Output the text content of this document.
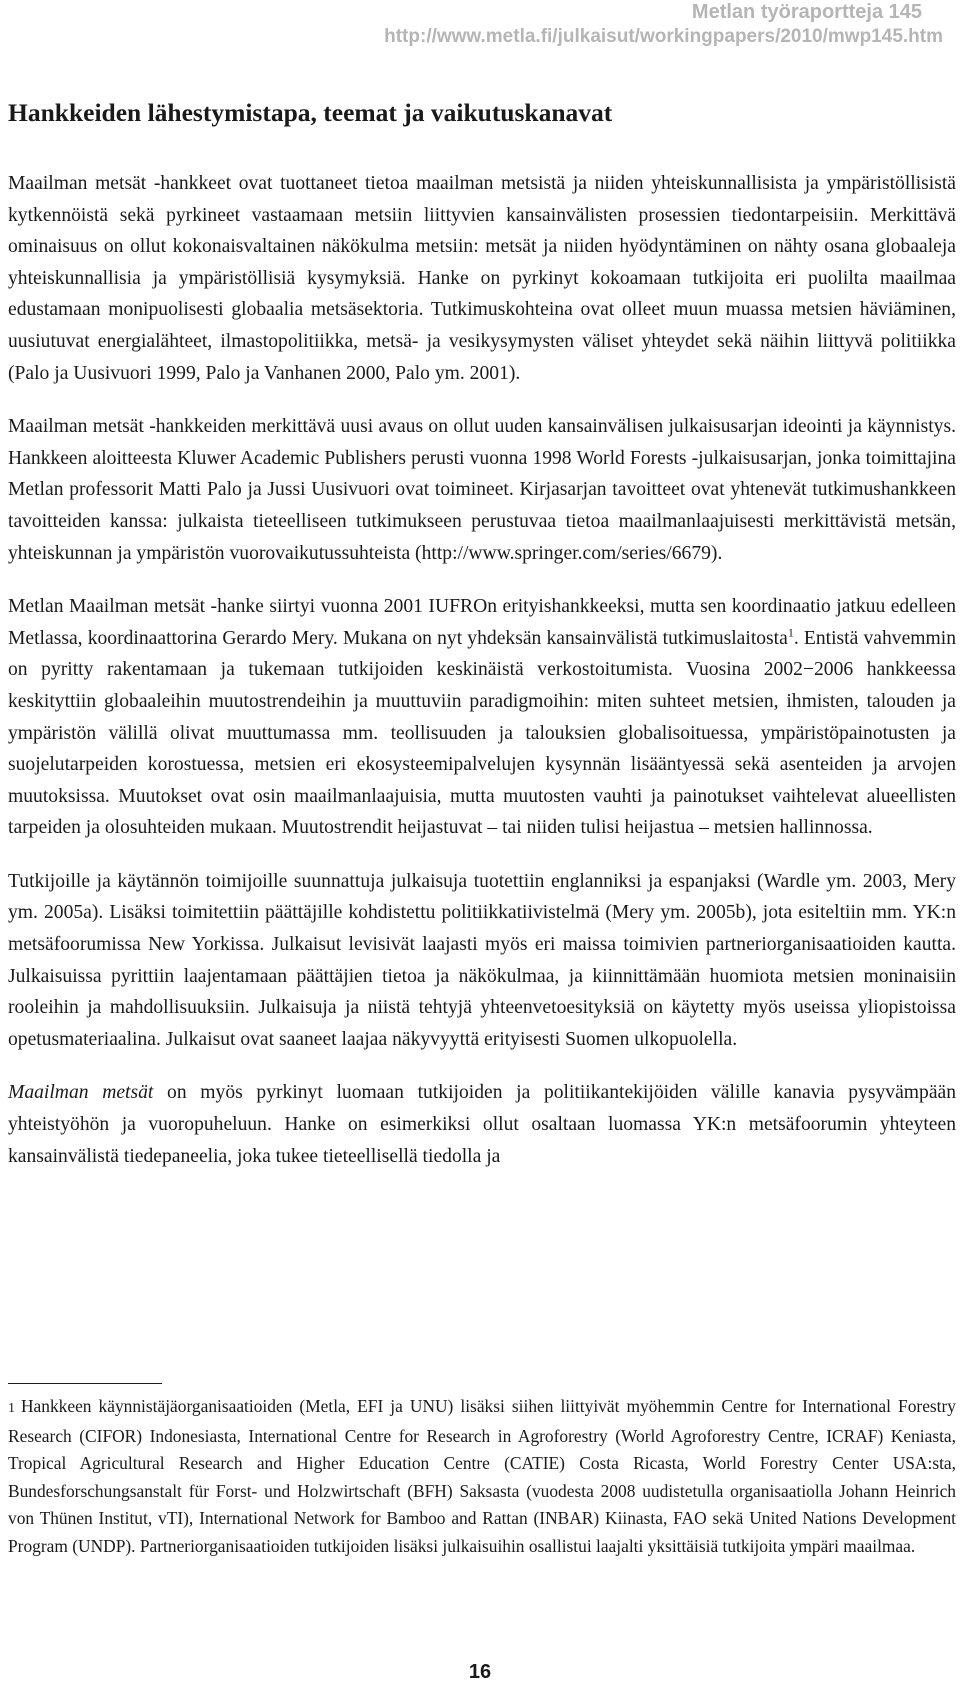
Metlan työraportteja 145
http://www.metla.fi/julkaisut/workingpapers/2010/mwp145.htm
Hankkeiden lähestymistapa, teemat ja vaikutuskanavat

Maailman metsät -hankkeet ovat tuottaneet tietoa maailman metsistä ja niiden yhteiskunnallisista ja ympäristöllisistä kytkennöistä sekä pyrkineet vastaamaan metsiin liittyvien kansainvälisten prosessien tiedontarpeisiin. Merkittävä ominaisuus on ollut kokonaisvaltainen näkökulma metsiin: metsät ja niiden hyödyntäminen on nähty osana globaaleja yhteiskunnallisia ja ympäristöllisiä kysymyksiä. Hanke on pyrkinyt kokoamaan tutkijoita eri puolilta maailmaa edustamaan monipuolisesti globaalia metsäsektoria. Tutkimuskohteina ovat olleet muun muassa metsien häviäminen, uusiutuvat energialähteet, ilmastopolitiikka, metsä- ja vesikysymysten väliset yhteydet sekä näihin liittyvä politiikka (Palo ja Uusivuori 1999, Palo ja Vanhanen 2000, Palo ym. 2001).

Maailman metsät -hankkeiden merkittävä uusi avaus on ollut uuden kansainvälisen julkaisusarjan ideointi ja käynnistys. Hankkeen aloitteesta Kluwer Academic Publishers perusti vuonna 1998 World Forests -julkaisusarjan, jonka toimittajina Metlan professorit Matti Palo ja Jussi Uusivuori ovat toimineet. Kirjasarjan tavoitteet ovat yhtenevät tutkimushankkeen tavoitteiden kanssa: julkaista tieteelliseen tutkimukseen perustuvaa tietoa maailmanlaajuisesti merkittävistä metsän, yhteiskunnan ja ympäristön vuorovaikutussuhteista (http://www.springer.com/series/6679).

Metlan Maailman metsät -hanke siirtyi vuonna 2001 IUFROn erityishankkeeksi, mutta sen koordinaatio jatkuu edelleen Metlassa, koordinaattorina Gerardo Mery. Mukana on nyt yhdeksän kansainvälistä tutkimuslaitosta$^1$. Entistä vahvemmin on pyritty rakentamaan ja tukemaan tutkijoiden keskinäistä verkostoitumista. Vuosina 2002−2006 hankkeessa keskityttiin globaaleihin muutostrendeihin ja muuttuviin paradigmoihin: miten suhteet metsien, ihmisten, talouden ja ympäristön välillä olivat muuttumassa mm. teollisuuden ja talouksien globalisoituessa, ympäristöpainotusten ja suojelutarpeiden korostuessa, metsien eri ekosysteemipalvelujen kysynnän lisääntyessä sekä asenteiden ja arvojen muutoksissa. Muutokset ovat osin maailmanlaajuisia, mutta muutosten vauhti ja painotukset vaihtelevat alueellisten tarpeiden ja olosuhteiden mukaan. Muutostrendit heijastuvat – tai niiden tulisi heijastua – metsien hallinnossa.

Tutkijoille ja käytännön toimijoille suunnattuja julkaisuja tuotettiin englanniksi ja espanjaksi (Wardle ym. 2003, Mery ym. 2005a). Lisäksi toimitettiin päättäjille kohdistettu politiikkatiivistelmä (Mery ym. 2005b), jota esiteltiin mm. YK:n metsäfoorumissa New Yorkissa. Julkaisut levisivät laajasti myös eri maissa toimivien partneriorganisaatioiden kautta. Julkaisuissa pyrittiin laajentamaan päättäjien tietoa ja näkökulmaa, ja kiinnittämään huomiota metsien moninaisiin rooleihin ja mahdollisuuksiin. Julkaisuja ja niistä tehtyjä yhteenvetoesityksiä on käytetty myös useissa yliopistoissa opetusmateriaalina. Julkaisut ovat saaneet laajaa näkyvyyttä erityisesti Suomen ulkopuolella.

Maailman metsät on myös pyrkinyt luomaan tutkijoiden ja politiikantekijöiden välille kanavia pysyvämpään yhteistyöhön ja vuoropuheluun. Hanke on esimerkiksi ollut osaltaan luomassa YK:n metsäfoorumin yhteyteen kansainvälistä tiedepaneelia, joka tukee tieteellisellä tiedolla ja

1 Hankkeen käynnistäjäorganisaatioiden (Metla, EFI ja UNU) lisäksi siihen liittyivät myöhemmin Centre for International Forestry Research (CIFOR) Indonesiasta, International Centre for Research in Agroforestry (World Agroforestry Centre, ICRAF) Keniasta, Tropical Agricultural Research and Higher Education Centre (CATIE) Costa Ricasta, World Forestry Center USA:sta, Bundesforschungsanstalt für Forst- und Holzwirtschaft (BFH) Saksasta (vuodesta 2008 uudistetulla organisaatiolla Johann Heinrich von Thünen Institut, vTI), International Network for Bamboo and Rattan (INBAR) Kiinasta, FAO sekä United Nations Development Program (UNDP). Partneriorganisaatioiden tutkijoiden lisäksi julkaisuihin osallistui laajalti yksittäisiä tutkijoita ympäri maailmaa.
16
